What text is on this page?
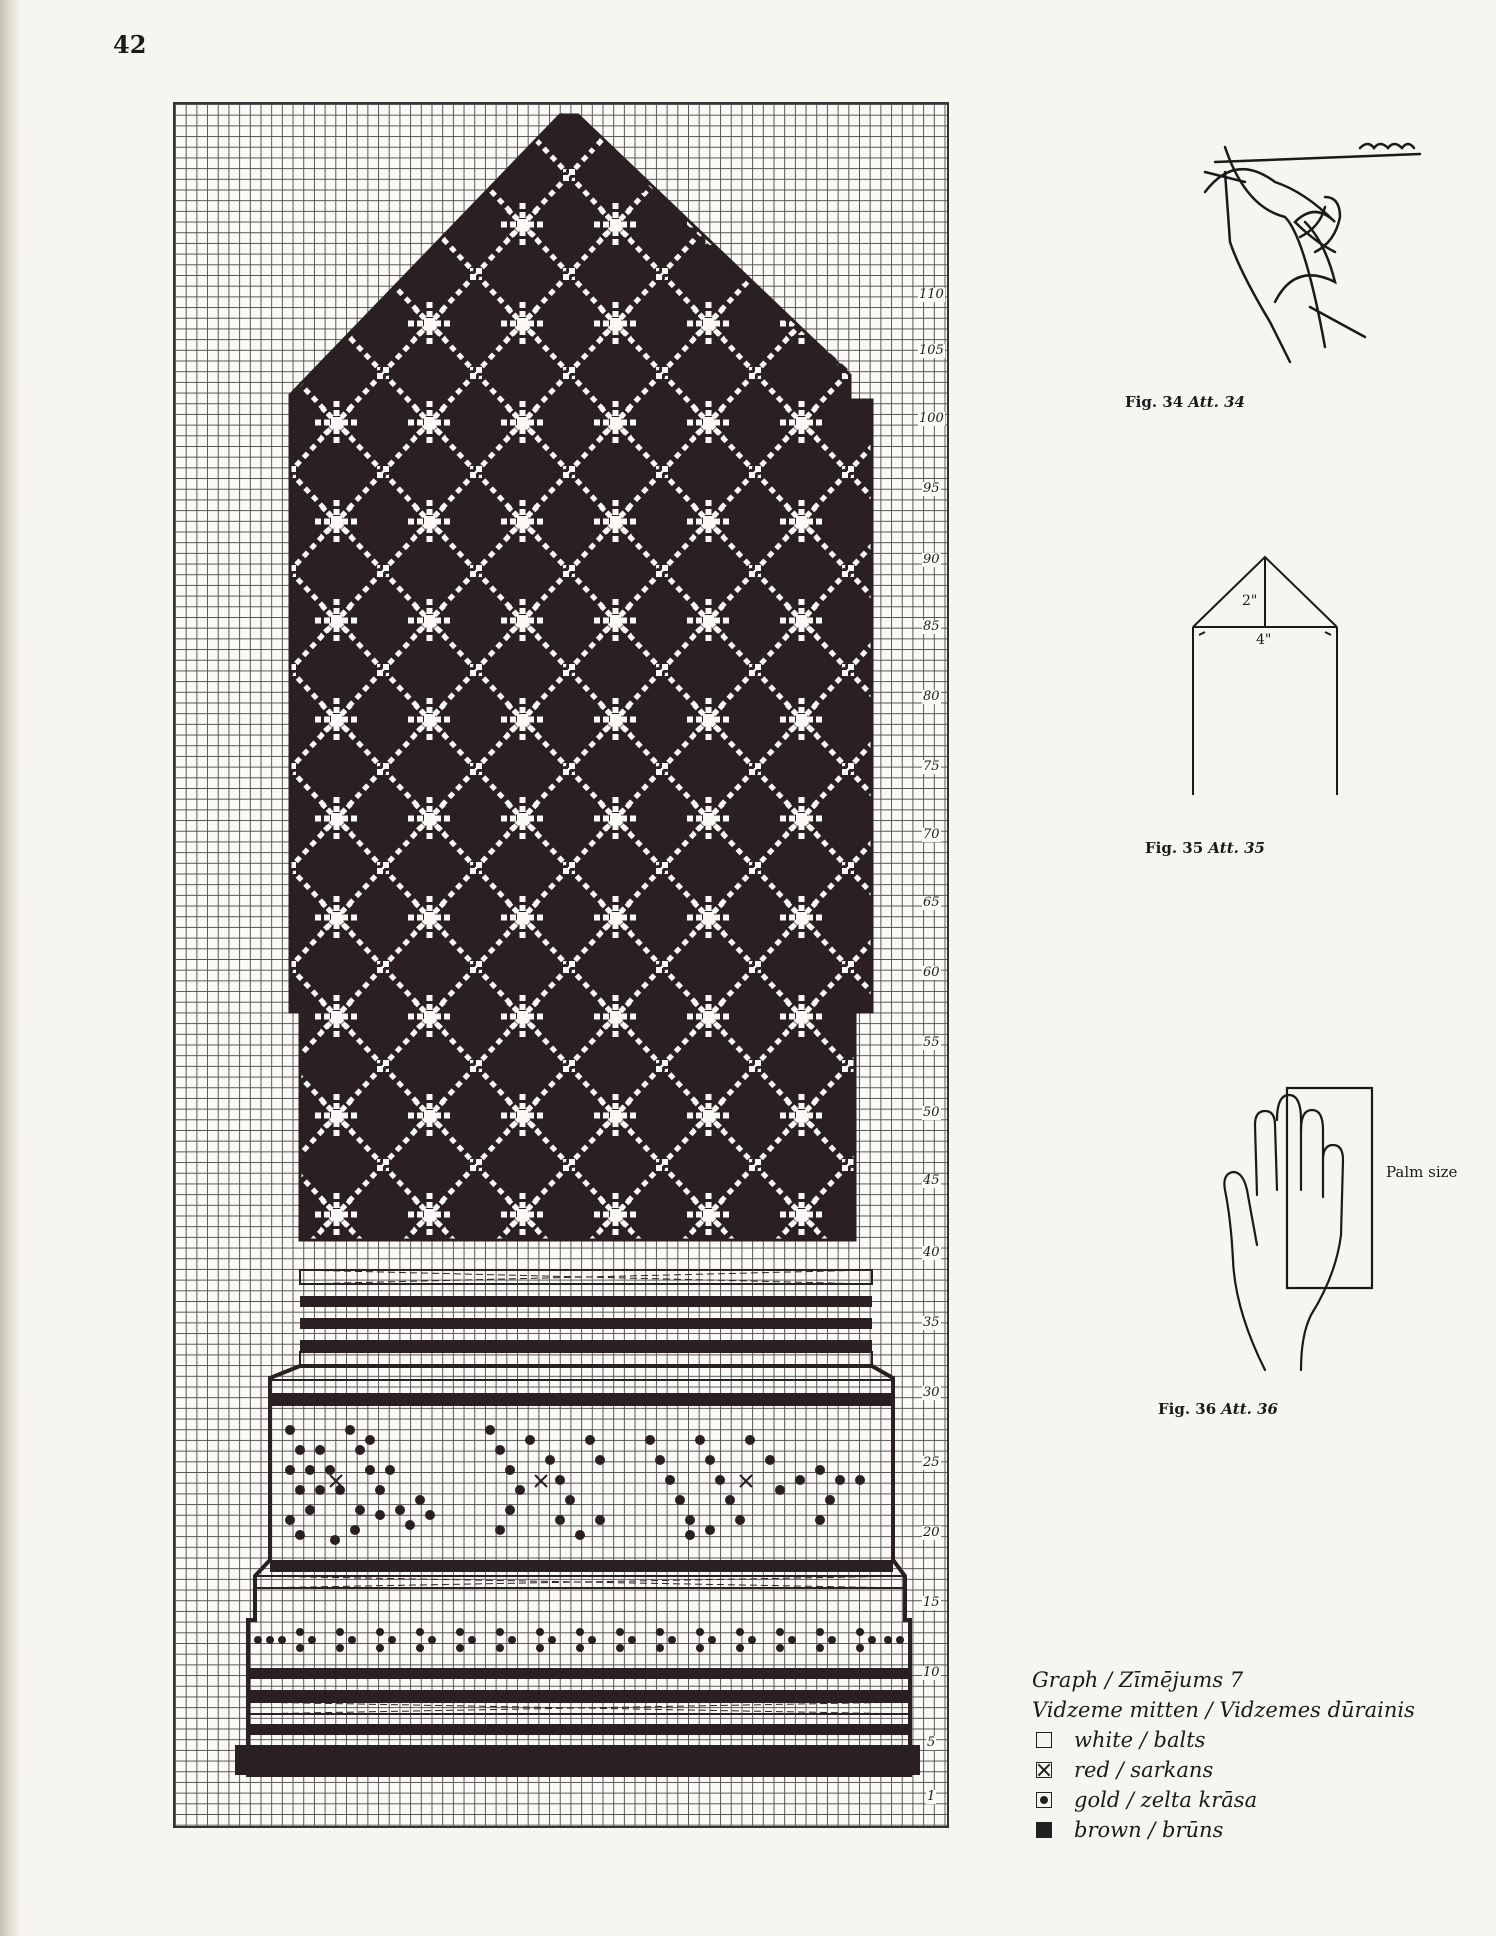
42
110
105
100
95
90
85
80
75
70
65
60
55
50
45
40
35
30
25
20
15
10
5
1
Fig. 34 Att. 34
2"
4"
Fig. 35 Att. 35
Palm size
Fig. 36 Att. 36
Graph / Zīmējums 7
Vidzeme mitten / Vidzemes dūrainis
white / balts
red / sarkans
gold / zelta krāsa
brown / brūns
